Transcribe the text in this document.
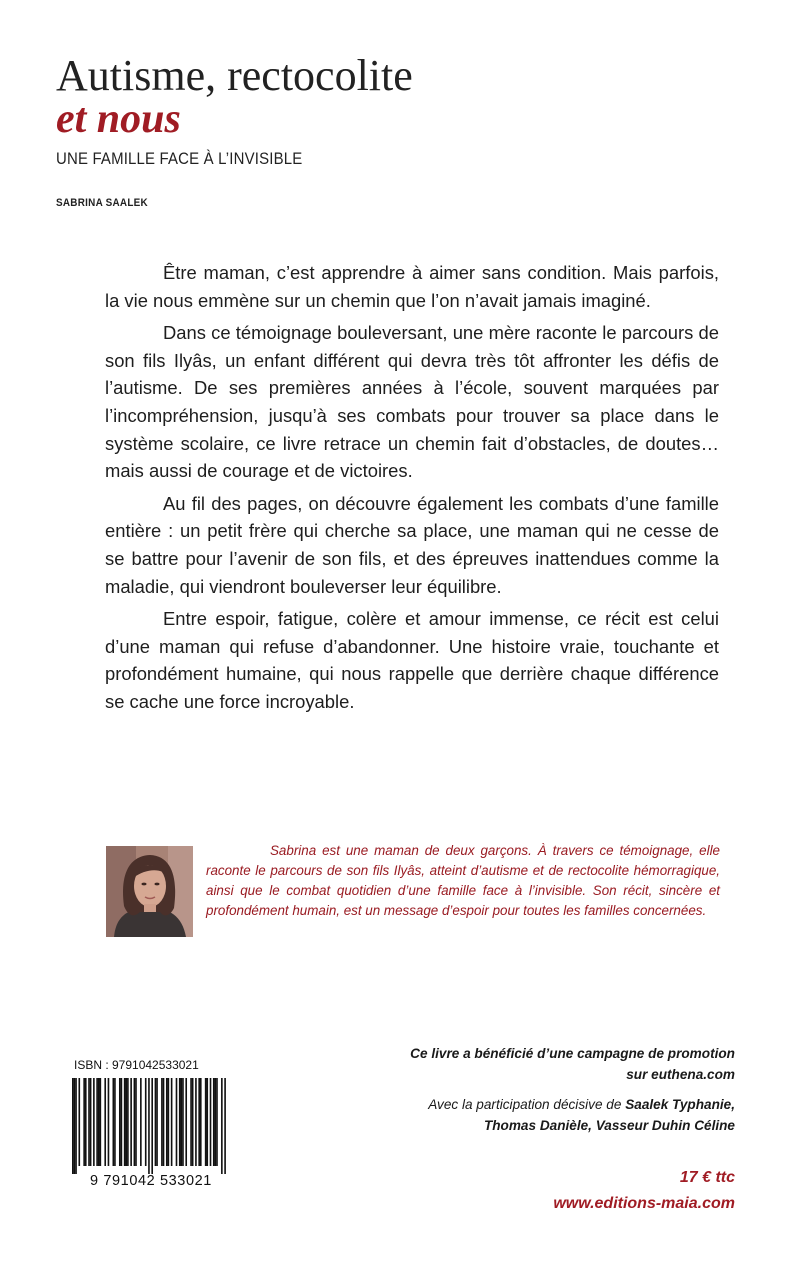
Autisme, rectocolite
et nous
UNE FAMILLE FACE À L’INVISIBLE
SABRINA SAALEK

Être maman, c’est apprendre à aimer sans condition. Mais parfois, la vie nous emmène sur un chemin que l’on n’avait jamais imaginé.

Dans ce témoignage bouleversant, une mère raconte le parcours de son fils Ilyâs, un enfant différent qui devra très tôt affronter les défis de l’autisme. De ses premières années à l’école, souvent marquées par l’incompréhension, jusqu’à ses combats pour trouver sa place dans le système scolaire, ce livre retrace un chemin fait d’obstacles, de doutes… mais aussi de courage et de victoires.

Au fil des pages, on découvre également les combats d’une famille entière : un petit frère qui cherche sa place, une maman qui ne cesse de se battre pour l’avenir de son fils, et des épreuves inattendues comme la maladie, qui viendront bouleverser leur équilibre.

Entre espoir, fatigue, colère et amour immense, ce récit est celui d’une maman qui refuse d’abandonner. Une histoire vraie, touchante et profondément humaine, qui nous rappelle que derrière chaque différence se cache une force incroyable.

Sabrina est une maman de deux garçons. À travers ce témoignage, elle raconte le parcours de son fils Ilyâs, atteint d’autisme et de rectocolite hémorragique, ainsi que le combat quotidien d’une famille face à l’invisible. Son récit, sincère et profondément humain, est un message d’espoir pour toutes les familles concernées.

ISBN : 9791042533021
9 791042 533021
Ce livre a bénéficié d’une campagne de promotion
sur euthena.com
Avec la participation décisive de Saalek Typhanie,
Thomas Danièle, Vasseur Duhin Céline
17 € ttc
www.editions-maia.com
